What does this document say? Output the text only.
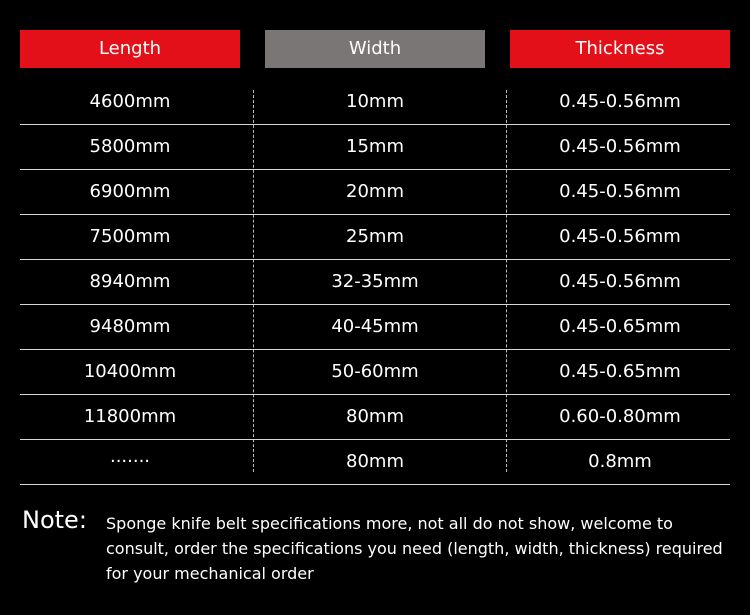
Length	Width	Thickness
4600mm	10mm	0.45-0.56mm
5800mm	15mm	0.45-0.56mm
6900mm	20mm	0.45-0.56mm
7500mm	25mm	0.45-0.56mm
8940mm	32-35mm	0.45-0.56mm
9480mm	40-45mm	0.45-0.65mm
10400mm	50-60mm	0.45-0.65mm
11800mm	80mm	0.60-0.80mm
·······	80mm	0.8mm
Note: Sponge knife belt specifications more, not all do not show, welcome to consult, order the specifications you need (length, width, thickness) required for your mechanical order
